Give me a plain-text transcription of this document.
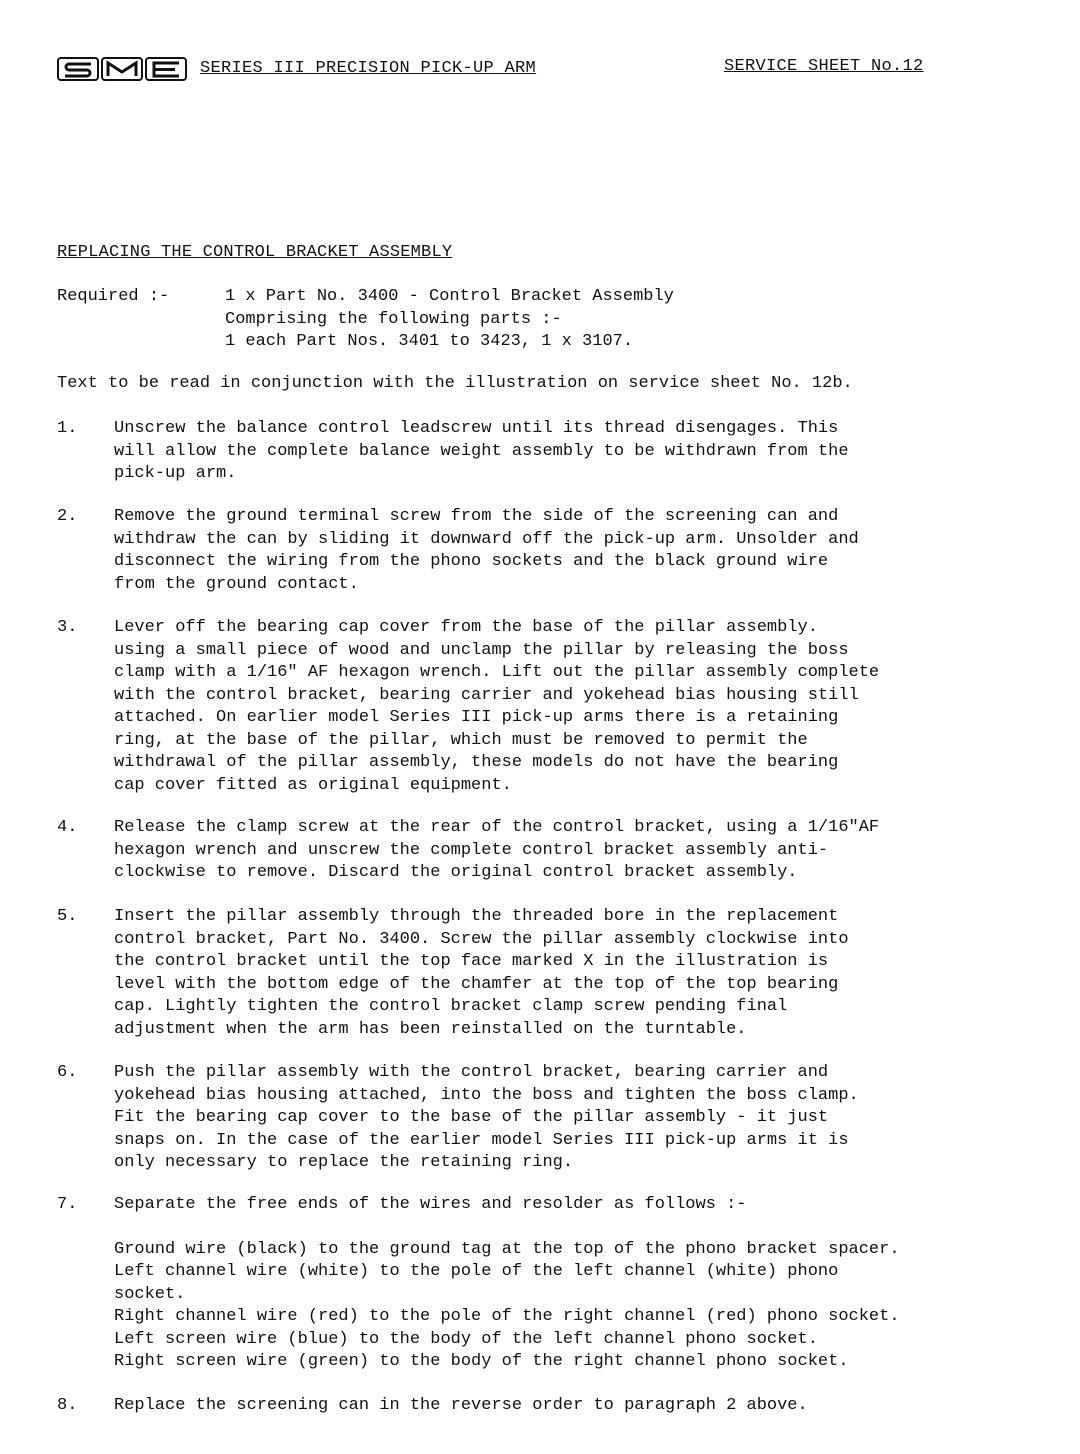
SERIES III PRECISION PICK-UP ARM	SERVICE SHEET No.12
REPLACING THE CONTROL BRACKET ASSEMBLY
Required :-	1 x Part No. 3400 - Control Bracket Assembly
Comprising the following parts :-
1 each Part Nos. 3401 to 3423, 1 x 3107.
Text to be read in conjunction with the illustration on service sheet No. 12b.
1.	Unscrew the balance control leadscrew until its thread disengages. This
will allow the complete balance weight assembly to be withdrawn from the
pick-up arm.
2.	Remove the ground terminal screw from the side of the screening can and
withdraw the can by sliding it downward off the pick-up arm. Unsolder and
disconnect the wiring from the phono sockets and the black ground wire
from the ground contact.
3.	Lever off the bearing cap cover from the base of the pillar assembly.
using a small piece of wood and unclamp the pillar by releasing the boss
clamp with a 1/16" AF hexagon wrench. Lift out the pillar assembly complete
with the control bracket, bearing carrier and yokehead bias housing still
attached. On earlier model Series III pick-up arms there is a retaining
ring, at the base of the pillar, which must be removed to permit the
withdrawal of the pillar assembly, these models do not have the bearing
cap cover fitted as original equipment.
4.	Release the clamp screw at the rear of the control bracket, using a 1/16"AF
hexagon wrench and unscrew the complete control bracket assembly anti-
clockwise to remove. Discard the original control bracket assembly.
5.	Insert the pillar assembly through the threaded bore in the replacement
control bracket, Part No. 3400. Screw the pillar assembly clockwise into
the control bracket until the top face marked X in the illustration is
level with the bottom edge of the chamfer at the top of the top bearing
cap. Lightly tighten the control bracket clamp screw pending final
adjustment when the arm has been reinstalled on the turntable.
6.	Push the pillar assembly with the control bracket, bearing carrier and
yokehead bias housing attached, into the boss and tighten the boss clamp.
Fit the bearing cap cover to the base of the pillar assembly - it just
snaps on. In the case of the earlier model Series III pick-up arms it is
only necessary to replace the retaining ring.
7.	Separate the free ends of the wires and resolder as follows :-
Ground wire (black) to the ground tag at the top of the phono bracket spacer.
Left channel wire (white) to the pole of the left channel (white) phono
socket.
Right channel wire (red) to the pole of the right channel (red) phono socket.
Left screen wire (blue) to the body of the left channel phono socket.
Right screen wire (green) to the body of the right channel phono socket.
8.	Replace the screening can in the reverse order to paragraph 2 above.
